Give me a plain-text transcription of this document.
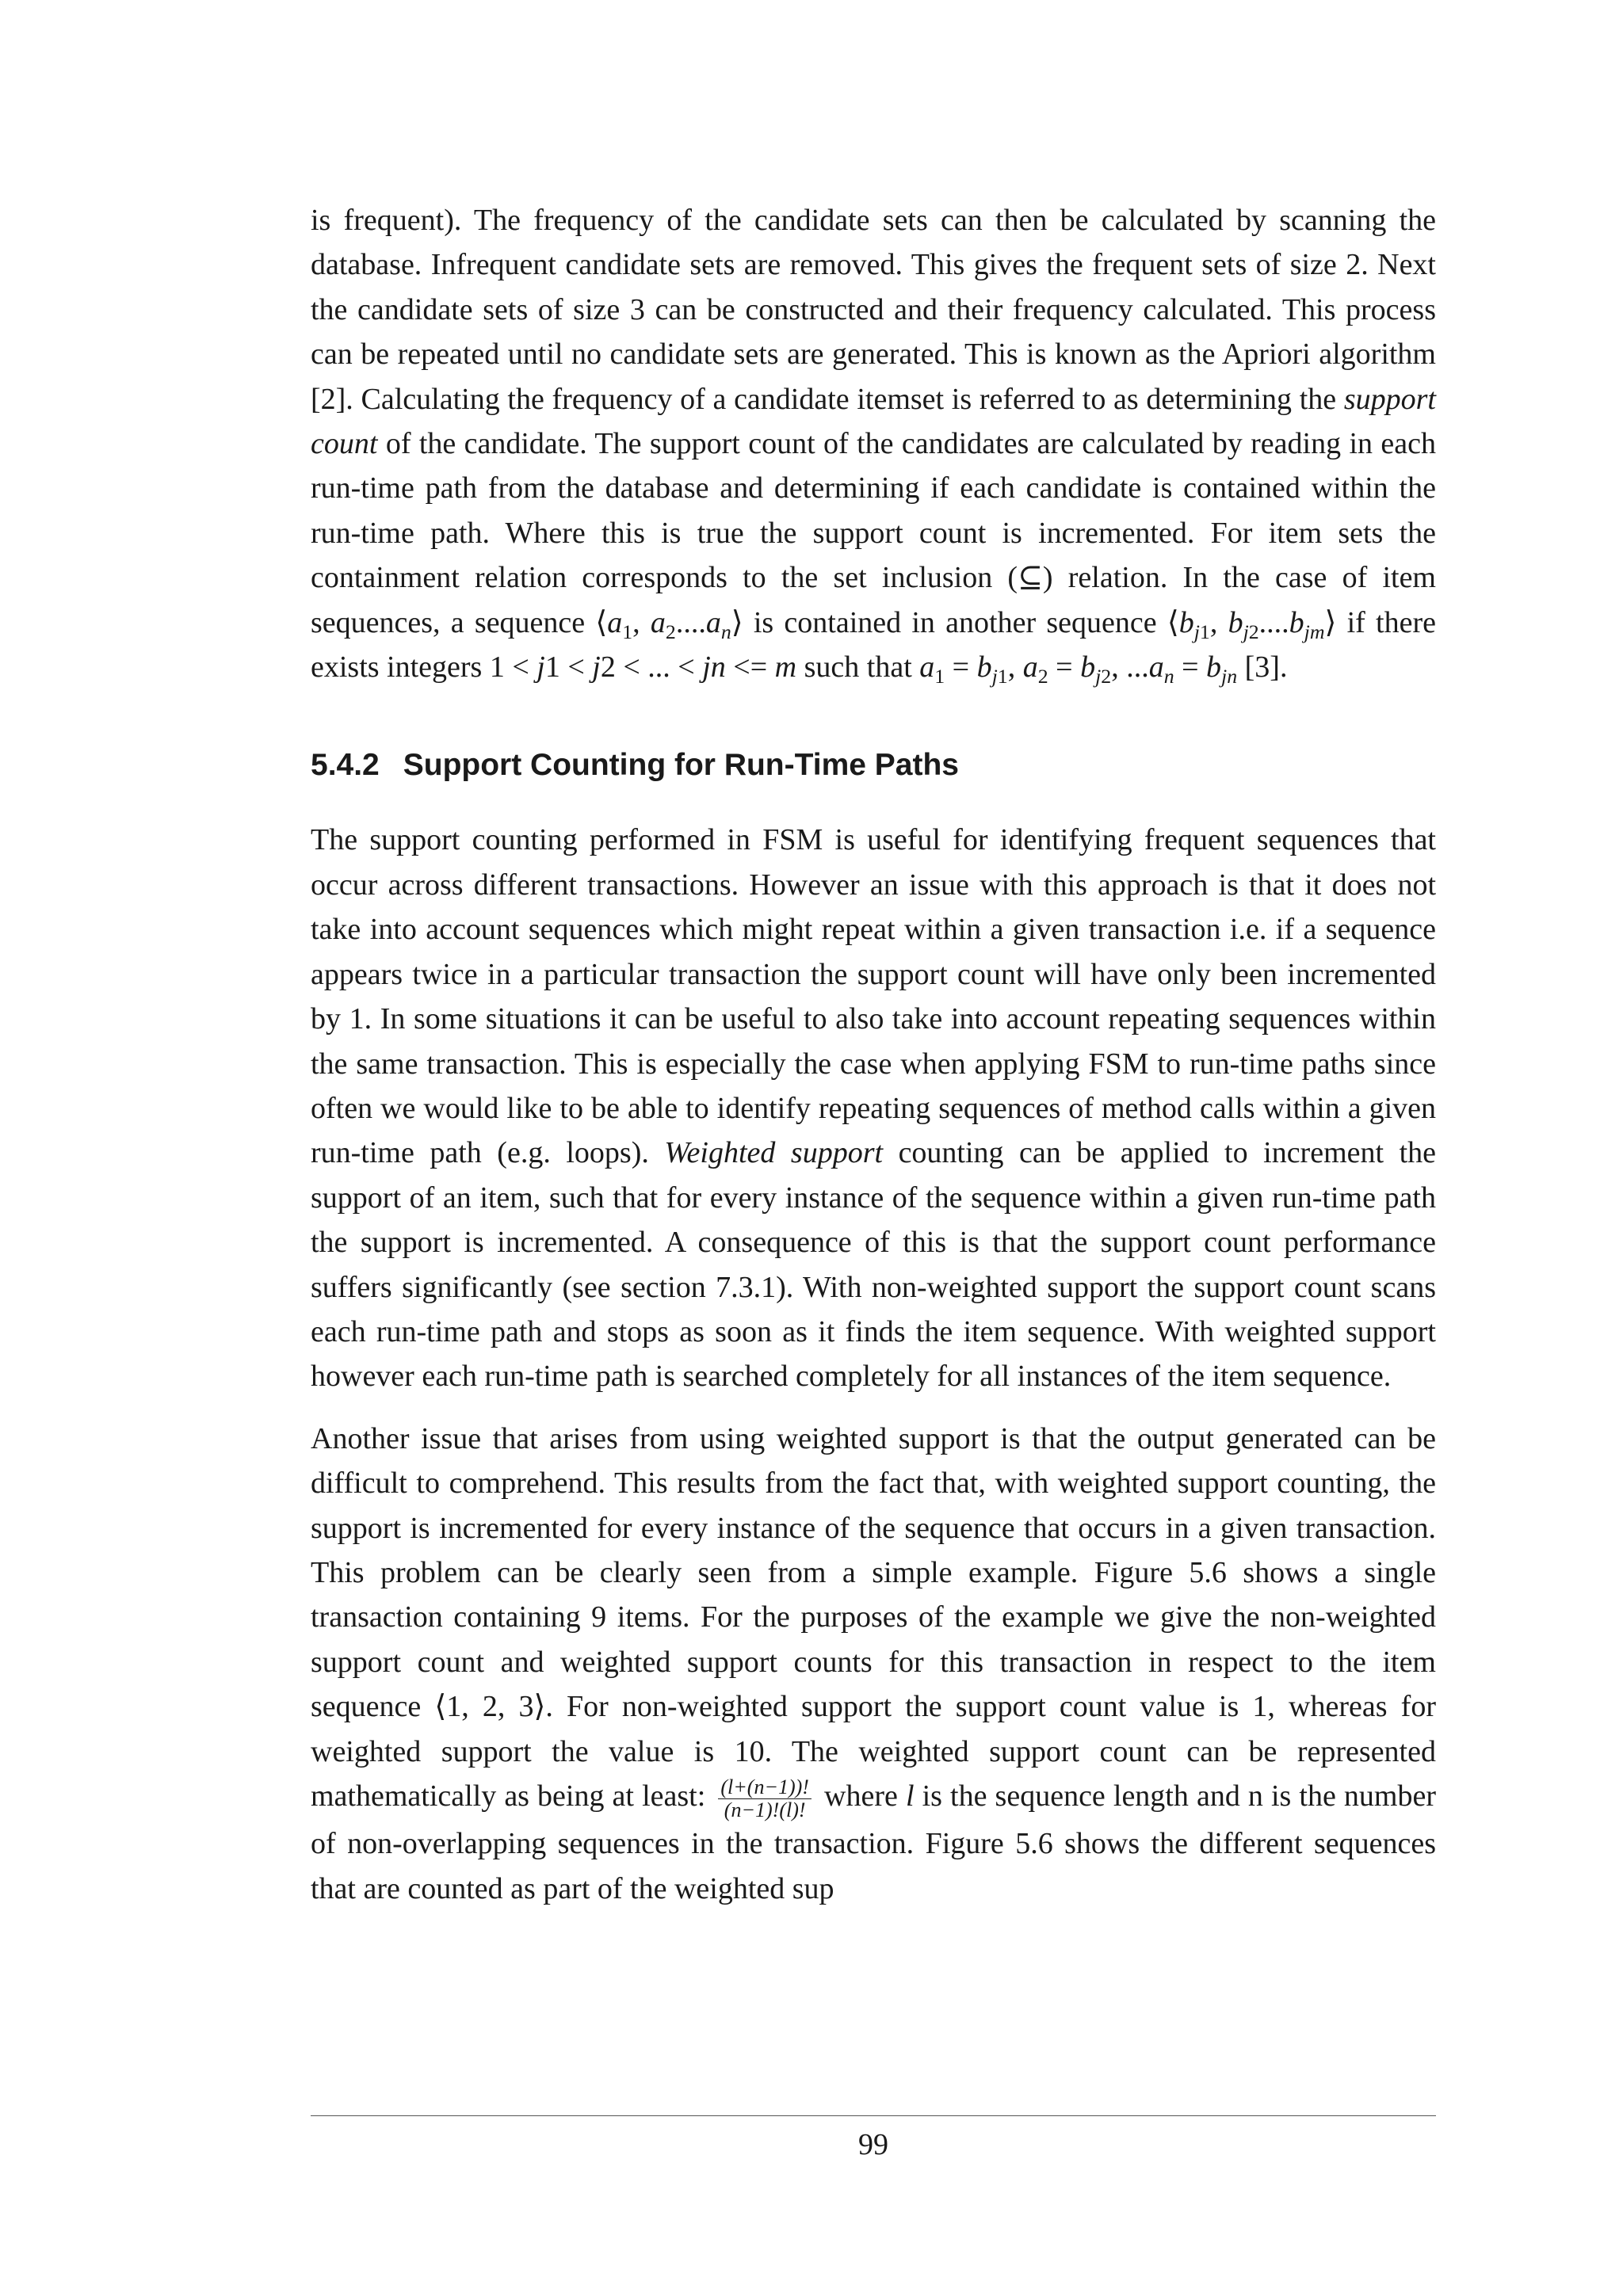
is frequent). The frequency of the candidate sets can then be calculated by scanning the database. Infrequent candidate sets are removed. This gives the frequent sets of size 2. Next the candidate sets of size 3 can be constructed and their frequency calculated. This process can be repeated until no candidate sets are generated. This is known as the Apriori algorithm [2]. Calculating the frequency of a candidate itemset is referred to as determining the support count of the candidate. The support count of the candidates are calculated by reading in each run-time path from the database and determining if each candidate is contained within the run-time path. Where this is true the support count is incremented. For item sets the containment relation corresponds to the set inclusion (⊆) relation. In the case of item sequences, a sequence $⟨a_1$, $a_2....a_n⟩$ is contained in another sequence $⟨b_{j1}$, $b_{j2}....b_{jm}⟩$ if there exists integers 1 < j1 < j2 < ... < jn <= m such that $a_1 = b_{j1}$, $a_2 = b_{j2}$, $...a_n = b_{jn}$ [3].

5.4.2 Support Counting for Run-Time Paths

The support counting performed in FSM is useful for identifying frequent sequences that occur across different transactions. However an issue with this approach is that it does not take into account sequences which might repeat within a given transaction i.e. if a sequence appears twice in a particular transaction the support count will have only been incremented by 1. In some situations it can be useful to also take into account repeating sequences within the same transaction. This is especially the case when applying FSM to run-time paths since often we would like to be able to identify repeating sequences of method calls within a given run-time path (e.g. loops). Weighted support counting can be applied to increment the support of an item, such that for every instance of the sequence within a given run-time path the support is incremented. A consequence of this is that the support count performance suffers significantly (see section 7.3.1). With non-weighted support the support count scans each run-time path and stops as soon as it finds the item sequence. With weighted support however each run-time path is searched completely for all instances of the item sequence.

Another issue that arises from using weighted support is that the output generated can be difficult to comprehend. This results from the fact that, with weighted support counting, the support is incremented for every instance of the sequence that occurs in a given transaction. This problem can be clearly seen from a simple example. Figure 5.6 shows a single transaction containing 9 items. For the purposes of the example we give the non-weighted support count and weighted support counts for this transaction in respect to the item sequence ⟨1, 2, 3⟩. For non-weighted support the support count value is 1, whereas for weighted support the value is 10. The weighted support count can be represented mathematically as being at least: $\frac{(l+(n-1))!}{(n-1)!(l)!}$ where l is the sequence length and n is the number of non-overlapping sequences in the transaction. Figure 5.6 shows the different sequences that are counted as part of the weighted sup

99
